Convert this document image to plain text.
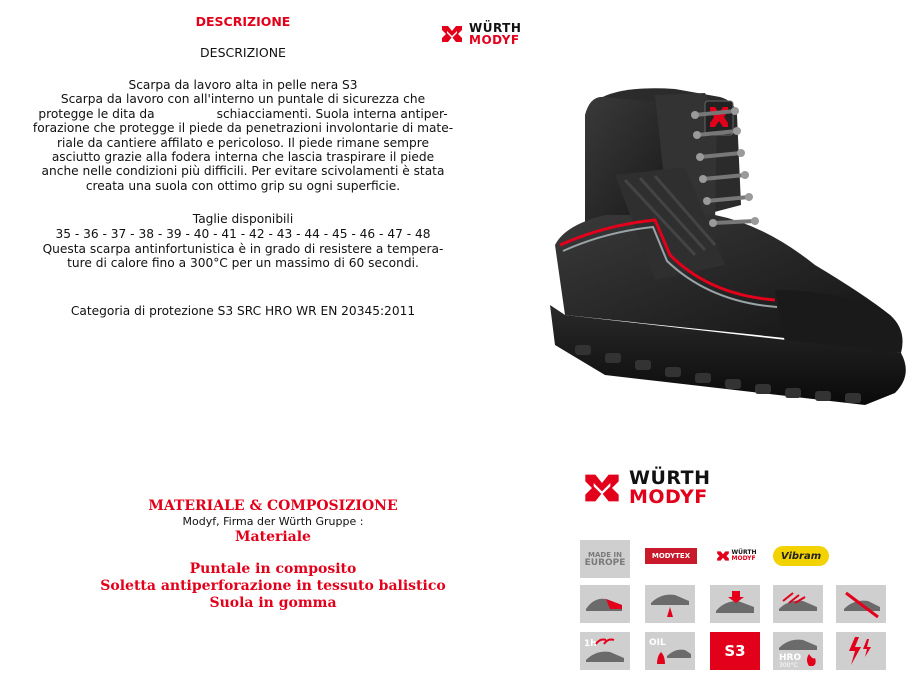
DESCRIZIONE
DESCRIZIONE
Scarpa da lavoro alta in pelle nera S3
Scarpa da lavoro con all'interno un puntale di sicurezza che
protegge le dita da                schiacciamenti. Suola interna antiper-
forazione che protegge il piede da penetrazioni involontarie di mate-
riale da cantiere affilato e pericoloso. Il piede rimane sempre
asciutto grazie alla fodera interna che lascia traspirare il piede
anche nelle condizioni più difficili. Per evitare scivolamenti è stata
creata una suola con ottimo grip su ogni superficie.
Taglie disponibili
35 - 36 - 37 - 38 - 39 - 40 - 41 - 42 - 43 - 44 - 45 - 46 - 47 - 48
Questa scarpa antinfortunistica è in grado di resistere a tempera-
ture di calore fino a 300°C per un massimo di 60 secondi.
Categoria di protezione S3 SRC HRO WR EN 20345:2011
WÜRTH
MODYF
WÜRTH
MODYF
MATERIALE & COMPOSIZIONE
Modyf, Firma der Würth Gruppe :
Materiale
Puntale in composito
Soletta antiperforazione in tessuto balistico
Suola in gomma
MADE IN
EUROPE
MODYTEX	WÜRTH
MODYF	Vibram
1h	OIL	S3	HRO
300°C
